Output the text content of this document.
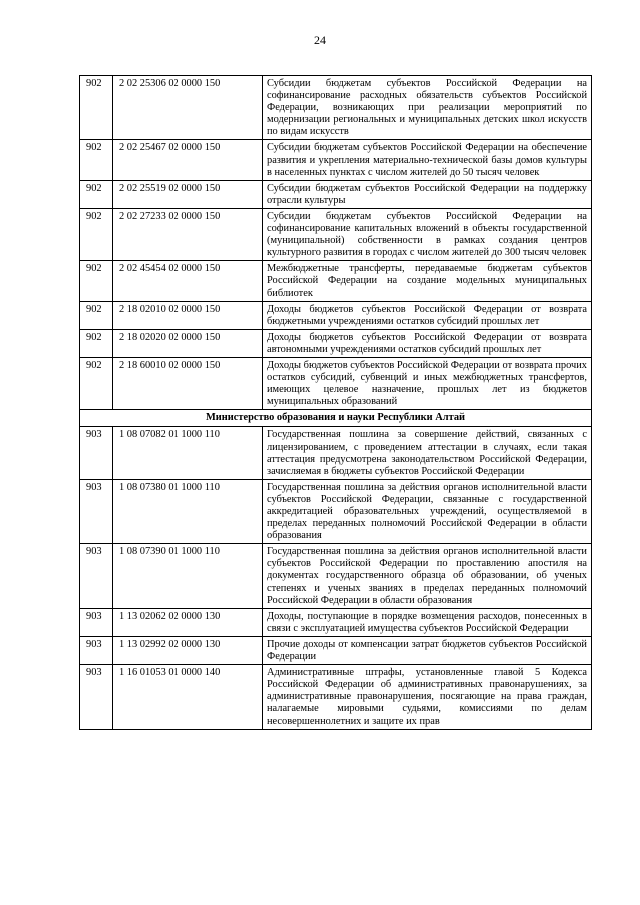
24
902	2 02 25306 02 0000 150	Субсидии бюджетам субъектов Российской Федерации на софинансирование расходных обязательств субъектов Российской Федерации, возникающих при реализации мероприятий по модернизации региональных и муниципальных детских школ искусств по видам искусств
902	2 02 25467 02 0000 150	Субсидии бюджетам субъектов Российской Федерации на обеспечение развития и укрепления материально-технической базы домов культуры в населенных пунктах с числом жителей до 50 тысяч человек
902	2 02 25519 02 0000 150	Субсидии бюджетам субъектов Российской Федерации на поддержку отрасли культуры
902	2 02 27233 02 0000 150	Субсидии бюджетам субъектов Российской Федерации на софинансирование капитальных вложений в объекты государственной (муниципальной) собственности в рамках создания центров культурного развития в городах с числом жителей до 300 тысяч человек
902	2 02 45454 02 0000 150	Межбюджетные трансферты, передаваемые бюджетам субъектов Российской Федерации на создание модельных муниципальных библиотек
902	2 18 02010 02 0000 150	Доходы бюджетов субъектов Российской Федерации от возврата бюджетными учреждениями остатков субсидий прошлых лет
902	2 18 02020 02 0000 150	Доходы бюджетов субъектов Российской Федерации от возврата автономными учреждениями остатков субсидий прошлых лет
902	2 18 60010 02 0000 150	Доходы бюджетов субъектов Российской Федерации от возврата прочих остатков субсидий, субвенций и иных межбюджетных трансфертов, имеющих целевое назначение, прошлых лет из бюджетов муниципальных образований
Министерство образования и науки Республики Алтай		
903	1 08 07082 01 1000 110	Государственная пошлина за совершение действий, связанных с лицензированием, с проведением аттестации в случаях, если такая аттестация предусмотрена законодательством Российской Федерации, зачисляемая в бюджеты субъектов Российской Федерации
903	1 08 07380 01 1000 110	Государственная пошлина за действия органов исполнительной власти субъектов Российской Федерации, связанные с государственной аккредитацией образовательных учреждений, осуществляемой в пределах переданных полномочий Российской Федерации в области образования
903	1 08 07390 01 1000 110	Государственная пошлина за действия органов исполнительной власти субъектов Российской Федерации по проставлению апостиля на документах государственного образца об образовании, об ученых степенях и ученых званиях в пределах переданных полномочий Российской Федерации в области образования
903	1 13 02062 02 0000 130	Доходы, поступающие в порядке возмещения расходов, понесенных в связи с эксплуатацией имущества субъектов Российской Федерации
903	1 13 02992 02 0000 130	Прочие доходы от компенсации затрат бюджетов субъектов Российской Федерации
903	1 16 01053 01 0000 140	Административные штрафы, установленные главой 5 Кодекса Российской Федерации об административных правонарушениях, за административные правонарушения, посягающие на права граждан, налагаемые мировыми судьями, комиссиями по делам несовершеннолетних и защите их прав
